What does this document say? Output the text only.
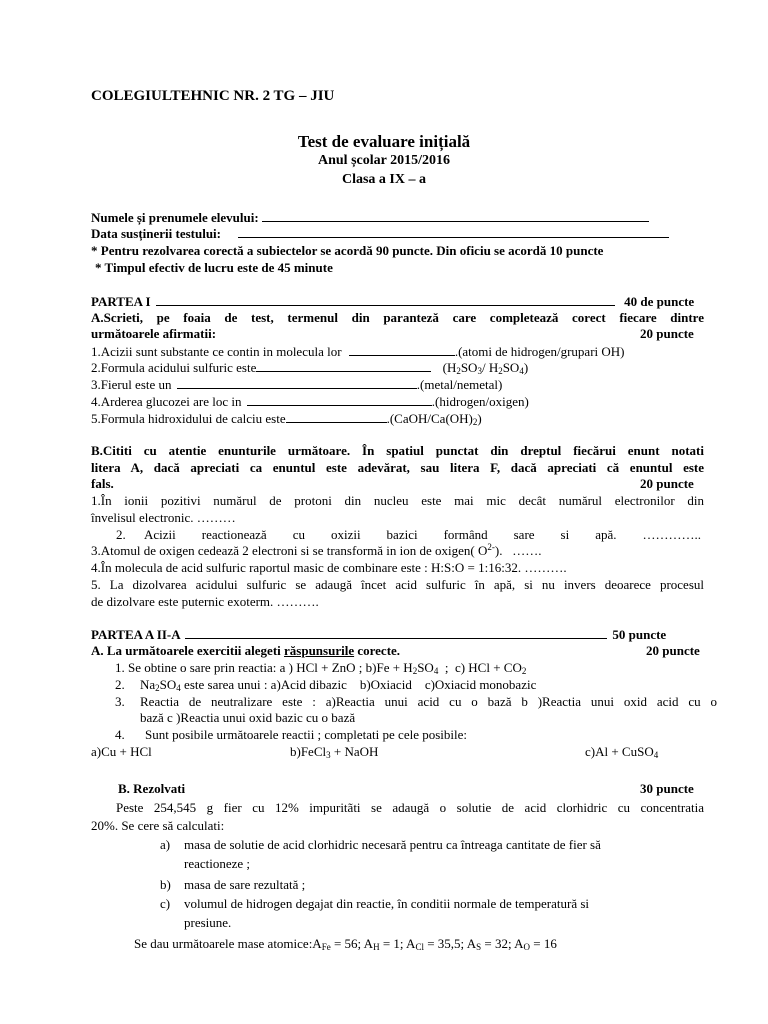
COLEGIULTEHNIC NR. 2 TG – JIU
Test de evaluare inițială
Anul școlar 2015/2016
Clasa a IX – a
Numele și prenumele elevului:
Data susținerii testului:
* Pentru rezolvarea corectă a subiectelor se acordă 90 puncte. Din oficiu se acordă 10 puncte
* Timpul efectiv de lucru este de 45 minute
PARTEA I	40 de puncte
A.Scrieti, pe foaia de test, termenul din paranteză care completează corect fiecare dintre
următoarele afirmatii:	20 puncte
1.Acizii sunt substante ce contin in molecula lor	.(atomi de hidrogen/grupari OH)
2.Formula acidului sulfuric este	($H_2SO_3/$ $H_2SO_4$)
3.Fierul este un	.(metal/nemetal)
4.Arderea glucozei are loc in	.(hidrogen/oxigen)
5.Formula hidroxidului de calciu este	$.(CaOH/Ca(OH)_2)$
B.Cititi cu atentie enunturile următoare. În spatiul punctat din dreptul fiecărui enunt notati
litera A, dacă apreciati ca enuntul este adevărat, sau litera F, dacă apreciati că enuntul este
fals.	20 puncte
1.În ionii pozitivi numărul de protoni din nucleu este mai mic decât numărul electronilor din
învelisul electronic. ………
2. Acizii reactionează cu oxizii bazici formând sare si apă. …………..
3.Atomul de oxigen cedează 2 electroni si se transformă in ion de oxigen( $O^{2-}$).   …….
4.În molecula de acid sulfuric raportul masic de combinare este : H:S:O = 1:16:32. ……….
5. La dizolvarea acidului sulfuric se adaugă încet acid sulfuric în apă, si nu invers deoarece procesul
de dizolvare este puternic exoterm. ……….
PARTEA A II-A	50 puncte
A. La următoarele exercitii alegeti răspunsurile corecte.	20 puncte
1. Se obtine o sare prin reactia: a ) HCl + ZnO ; $b)Fe + H_2SO_4$  ;  c) HCl + $CO_2$
2. $Na_2SO_4$ este sarea unui : a)Acid dibazic    b)Oxiacid    c)Oxiacid monobazic
3. Reactia de neutralizare este : a)Reactia unui acid cu o bază b )Reactia unui oxid acid cu o
bază c )Reactia unui oxid bazic cu o bază
4. Sunt posibile următoarele reactii ; completati pe cele posibile:
a)Cu + HCl	b)FeCl$_3$ + NaOH	c)Al + CuSO$_4$
B. Rezolvati	30 puncte
Peste 254,545 g fier cu 12% impuritãti se adaugă o solutie de acid clorhidric cu concentratia
20%. Se cere să calculati:
a) masa de solutie de acid clorhidric necesară pentru ca întreaga cantitate de fier să
reactioneze ;
b) masa de sare rezultată ;
c) volumul de hidrogen degajat din reactie, în conditii normale de temperatură si
presiune.
Se dau următoarele mase $atomice:A_{Fe} = 56$; $A_H = 1$; $A_{Cl} = 35,5$; $A_S = 32$; $A_O = 16$
